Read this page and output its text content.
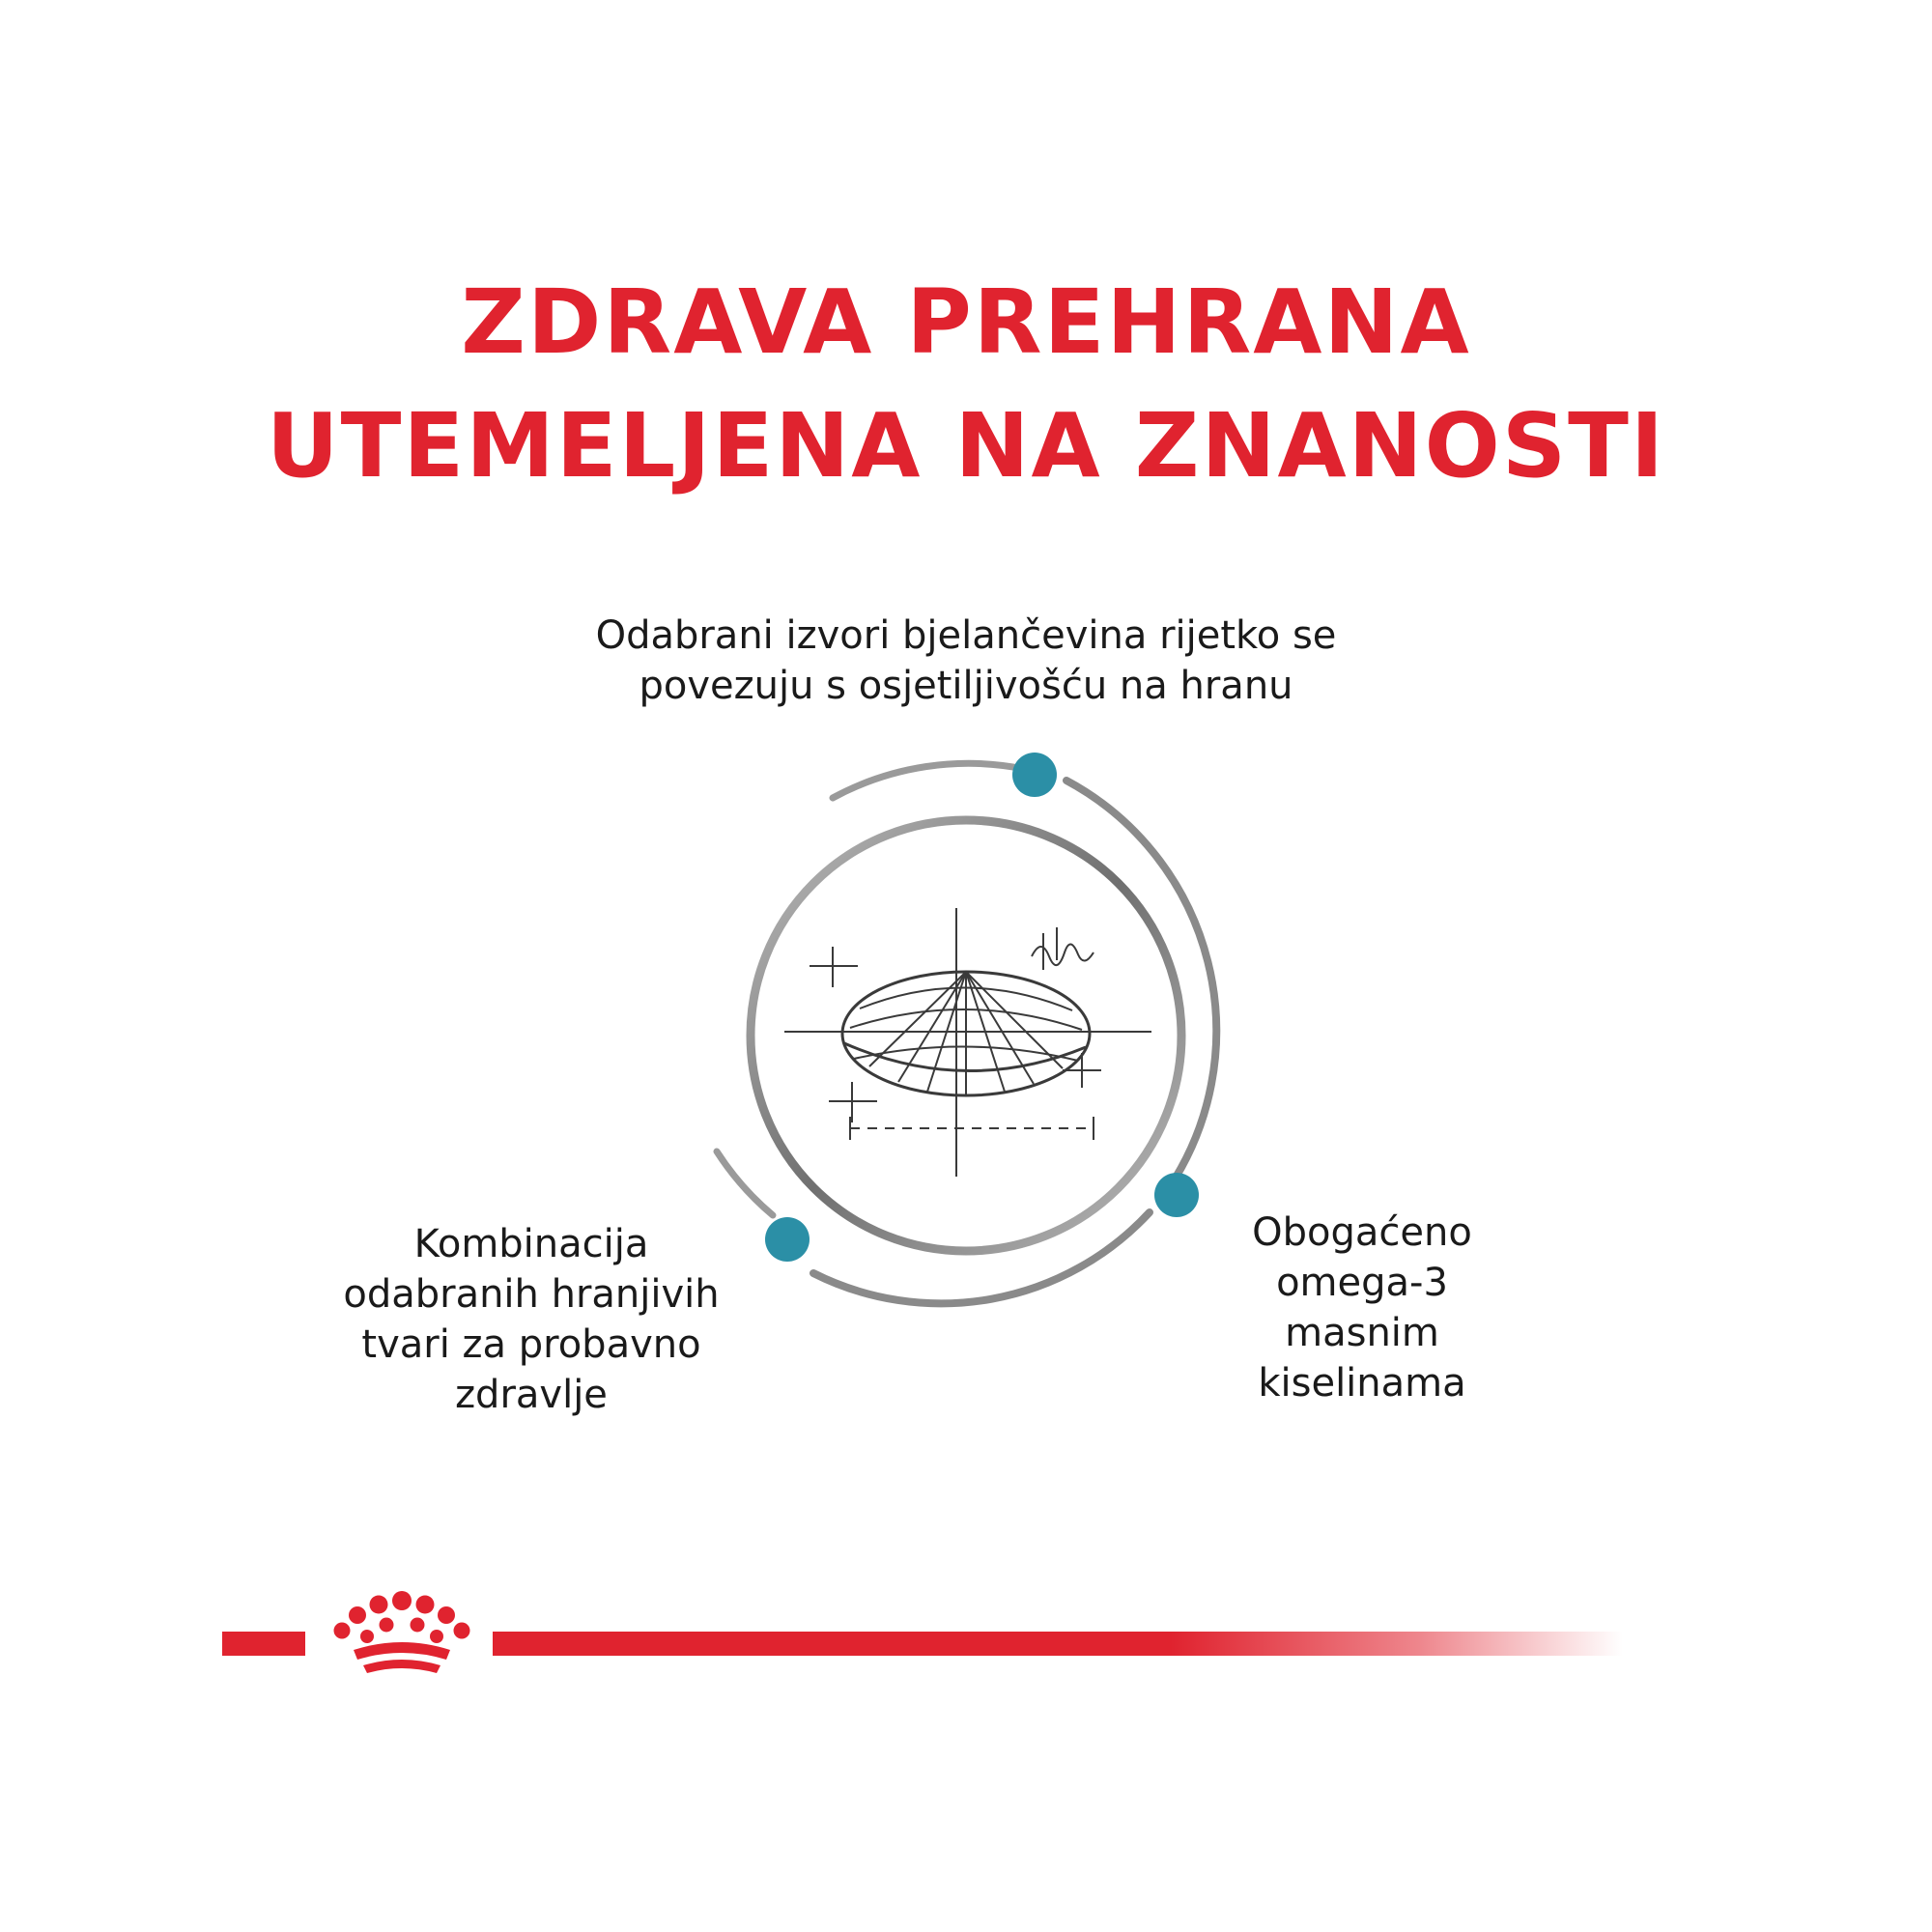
ZDRAVA PREHRANA
UTEMELJENA NA ZNANOSTI
Odabrani izvori bjelančevina rijetko se
povezuju s osjetiljivošću na hranu
Kombinacija
odabranih hranjivih
tvari za probavno
zdravlje
Obogaćeno
omega-3
masnim
kiselinama
